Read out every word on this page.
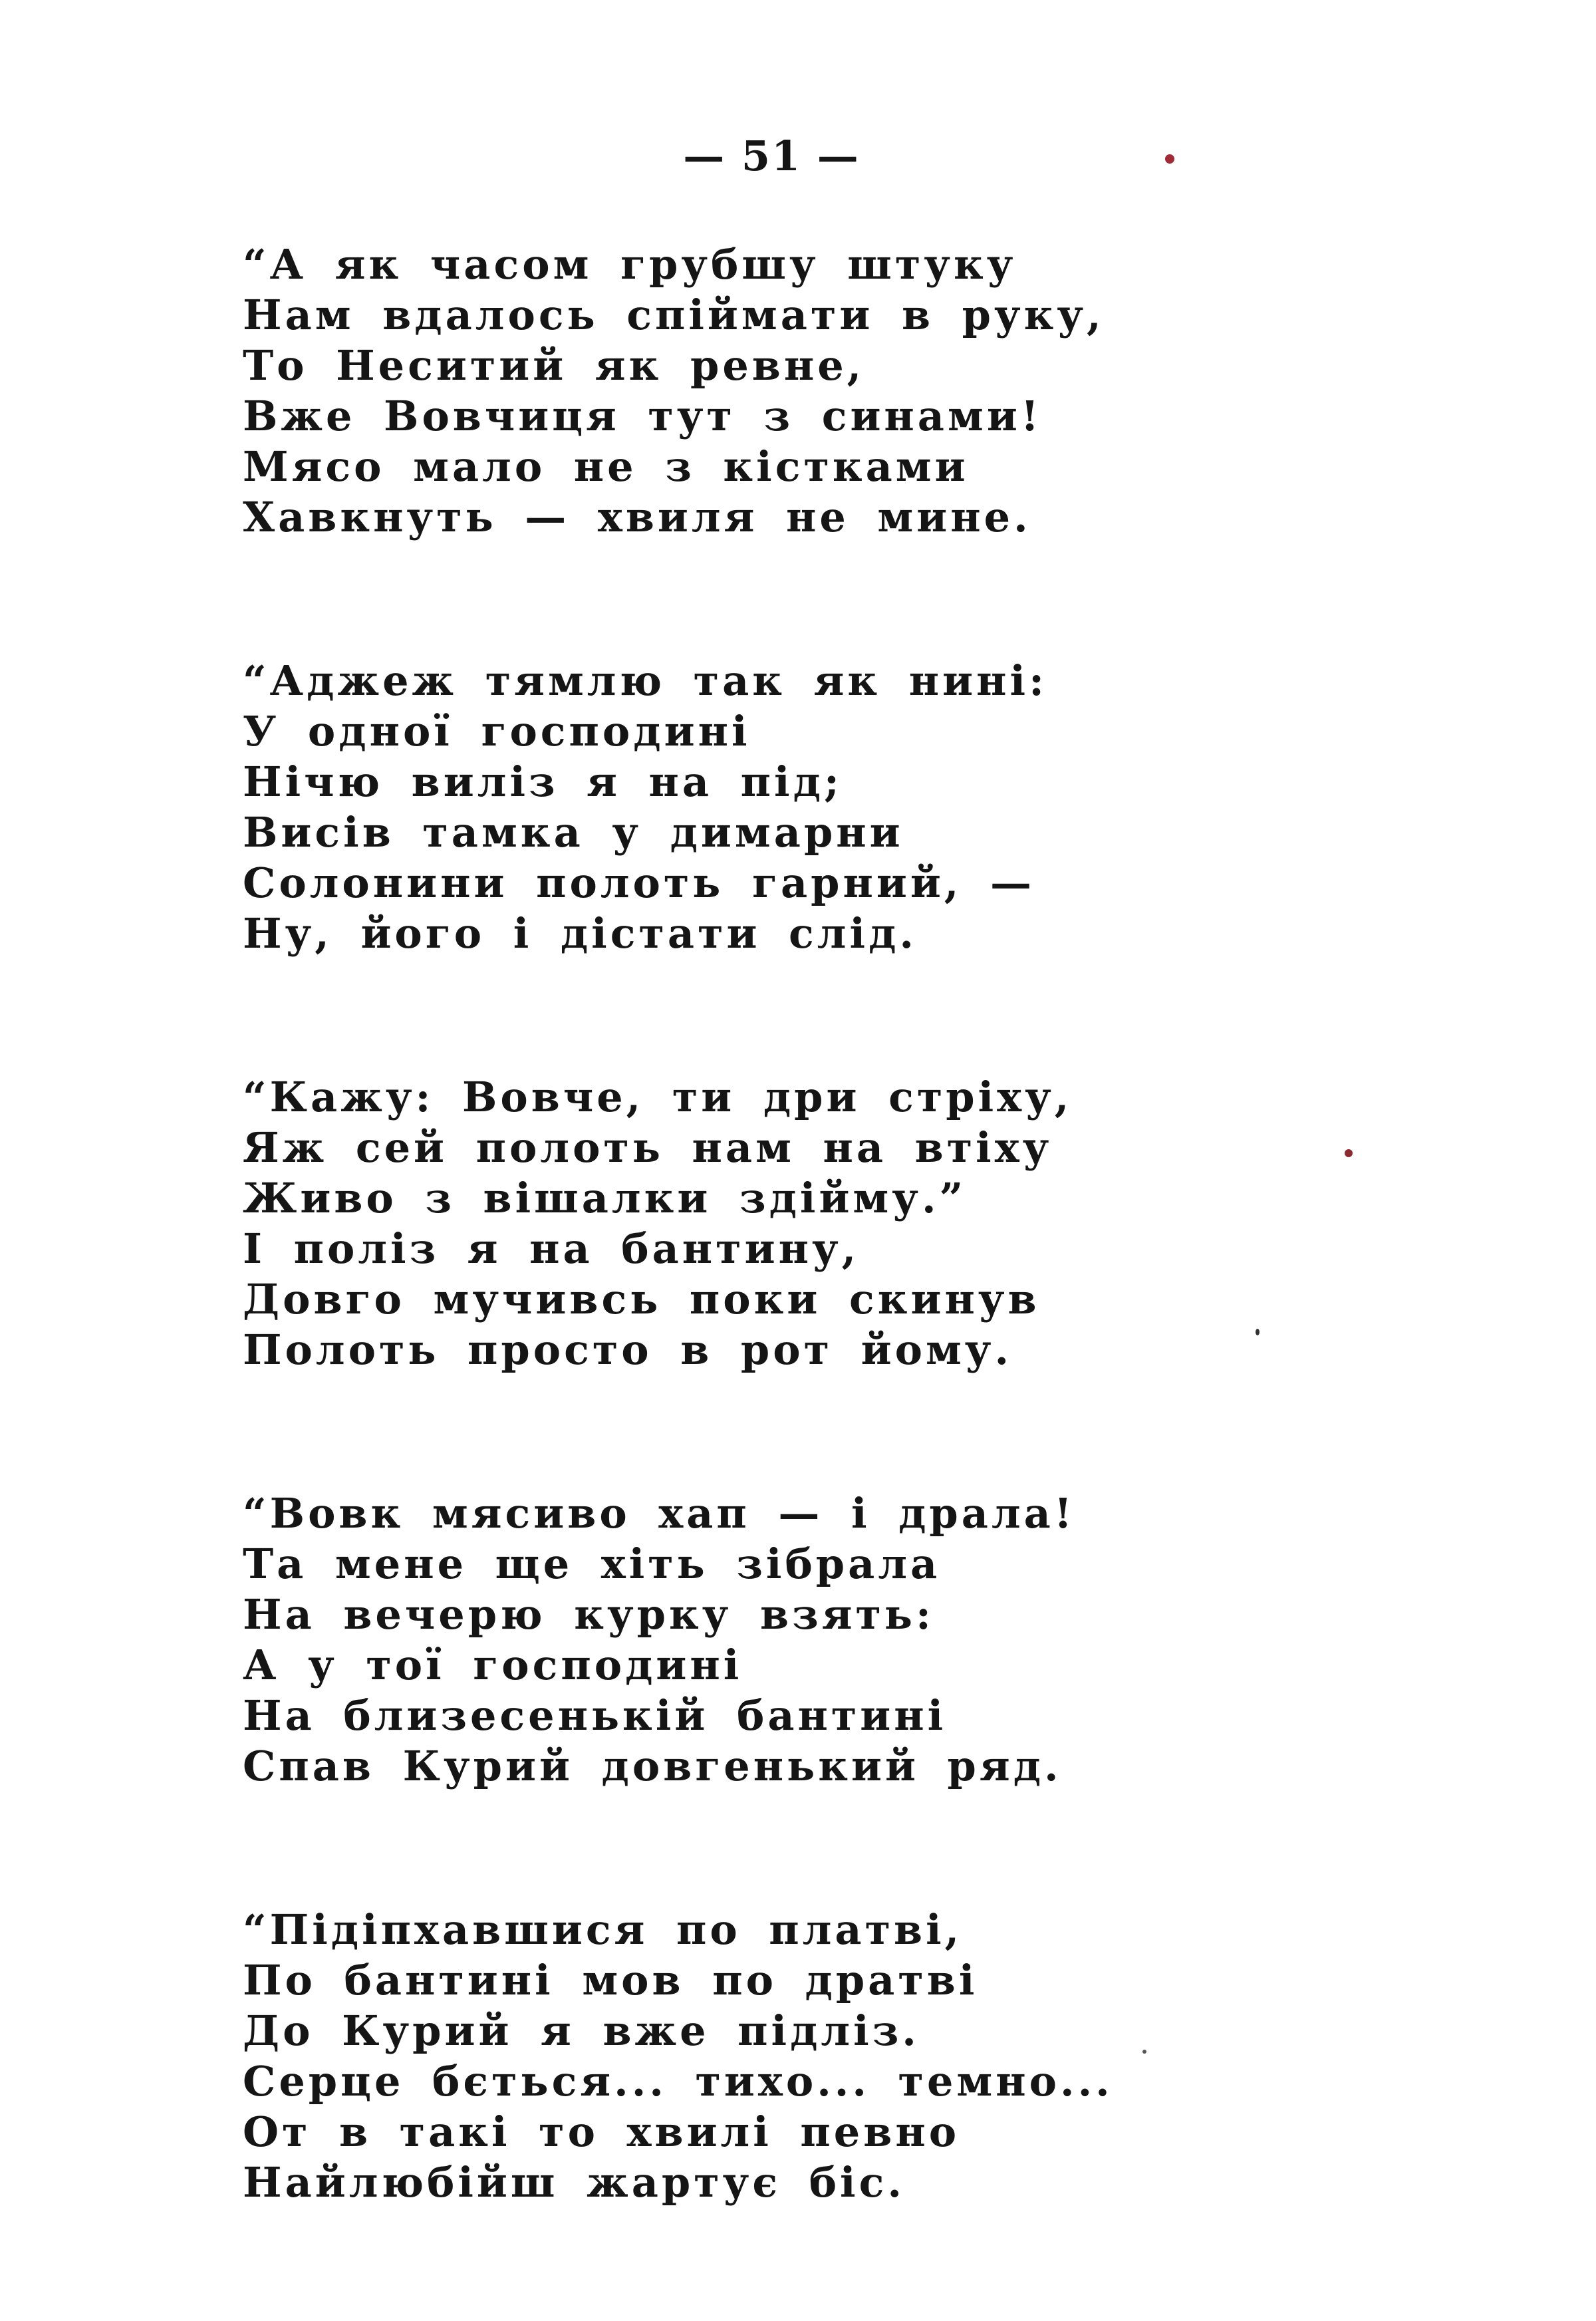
— 51 —
“А як часом грубшу штуку
Нам вдалось спіймати в руку,
То Неситий як ревне,
Вже Вовчиця тут з синами!
Мясо мало не з кістками
Хавкнуть — хвиля не мине.
“Аджеж тямлю так як нині:
У одної господині
Нічю виліз я на під;
Висів тамка у димарни
Солонини полоть гарний, —
Ну, його і дістати слід.
“Кажу: Вовче, ти дри стріху,
Яж сей полоть нам на втіху
Живо з вішалки здійму.”
І поліз я на бантину,
Довго мучивсь поки скинув
Полоть просто в рот йому.
“Вовк мясиво хап — і драла!
Та мене ще хіть зібрала
На вечерю курку взять:
А у тої господині
На близесенькій бантині
Спав Курий довгенький ряд.
“Підіпхавшися по платві,
По бантині мов по дратві
До Курий я вже підліз.
Серце бється... тихо... темно...
От в такі то хвилі певно
Найлюбійш жартує біс.
